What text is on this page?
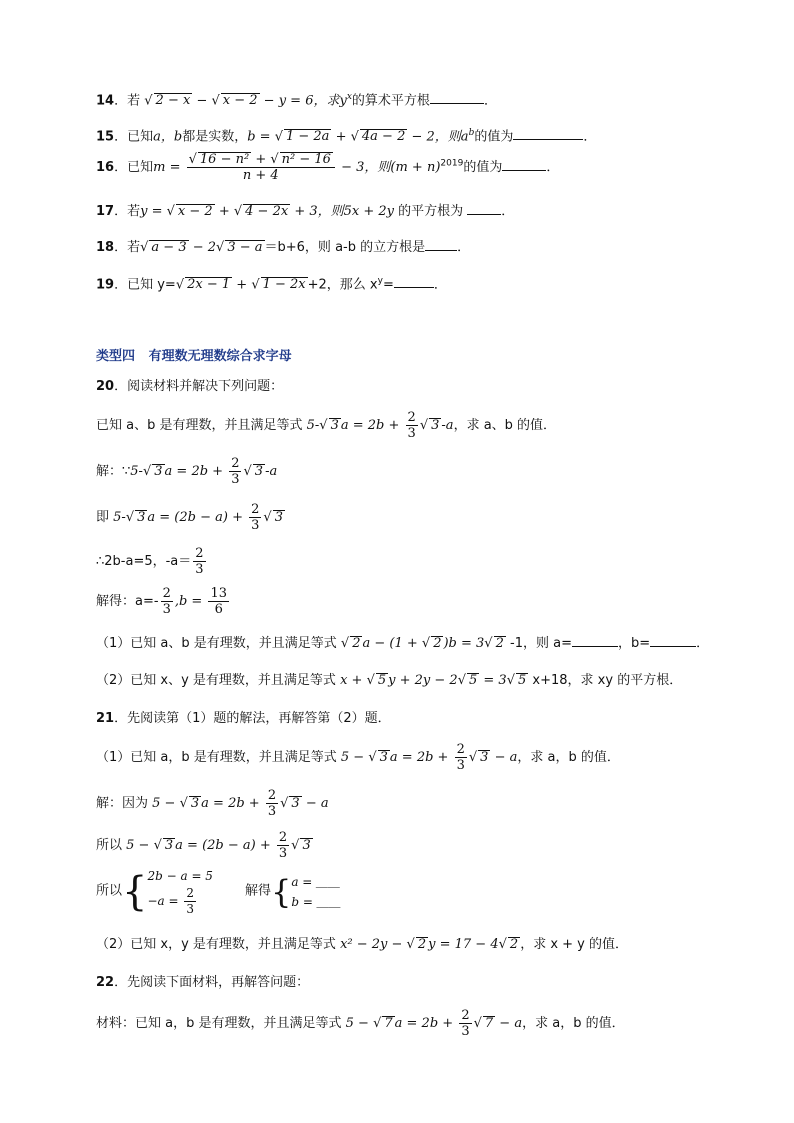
14．若 √ 2 − x − √ x − 2 − y = 6，求$y^x$的算术平方根	．
15．已知a，b都是实数，b = √ 1 − 2a + √ 4a − 2 − 2，则$a^b$的值为	．
16．已知$m = \frac{\text{√ 16 − n² + √ n² − 16}}{n + 4} - 3$，则$(m + n)^{2019}$的值为	．
17．若y = √ x − 2 + √ 4 − 2x + 3，则5x + 2y 的平方根为	．
18．若√ a − 3 − 2√ 3 − a ＝b+6，则 a-b 的立方根是 ．
19．已知 y=√ 2x − 1 + √ 1 − 2x +2，那么 $x^y=$	．
类型四 有理数无理数综合求字母
20．阅读材料并解决下列问题：
已知 a、b 是有理数，并且满足等式 5-√ 3 $a = 2b + \frac{2}{3}$ √ 3 -a，求 a、b 的值．
解：∵5-√ 3 $a = 2b + \frac{2}{3}$ √ 3 -a
即 5-√ 3 $a = (2b - a) + \frac{2}{3}$ √ 3
∴2b-a=5，$-a= \frac{2}{3}$
解得：$a=- \frac{2}{3} ,b = \frac{13}{6}$
（1）已知 a、b 是有理数，并且满足等式 √ 2 a − (1 + √ 2 )b = 3√ 2 -1，则 a=	，b=	．
（2）已知 x、y 是有理数，并且满足等式 x + √ 5 y + 2y − 2√ 5 = 3√ 5 x+18，求 xy 的平方根．
21．先阅读第（1）题的解法，再解答第（2）题．
（1）已知 a，b 是有理数，并且满足等式 5 − √ 3 $a = 2b + \frac{2}{3}$ √ 3 − a，求 a，b 的值．
解：因为 5 − √ 3 $a = 2b + \frac{2}{3}$ √ 3 − a
所以 5 − √ 3 $a = (2b - a) + \frac{2}{3}$ √ 3
所以{ 2b − a = 5
$-a = \frac{2}{3}$	解得{ a = ＿＿
b = ＿＿
（2）已知 x，y 是有理数，并且满足等式 x² − 2y − √ 2 y = 17 − 4√ 2 ，求 x + y 的值．
22．先阅读下面材料，再解答问题：
材料：已知 a，b 是有理数，并且满足等式 5 − √ 7 $a = 2b + \frac{2}{3}$ √ 7 − a，求 a，b 的值．
